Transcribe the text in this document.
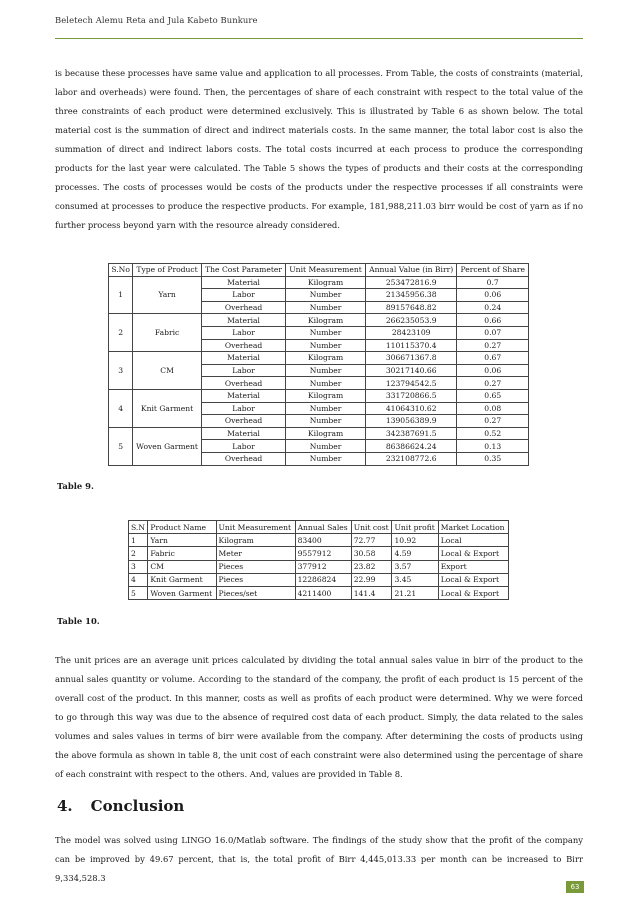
Beletech Alemu Reta and Jula Kabeto Bunkure

is because these processes have same value and application to all processes. From Table, the costs of constraints (material, labor and overheads) were found. Then, the percentages of share of each constraint with respect to the total value of the three constraints of each product were determined exclusively. This is illustrated by Table 6 as shown below. The total material cost is the summation of direct and indirect materials costs. In the same manner, the total labor cost is also the summation of direct and indirect labors costs. The total costs incurred at each process to produce the corresponding products for the last year were calculated. The Table 5 shows the types of products and their costs at the corresponding processes. The costs of processes would be costs of the products under the respective processes if all constraints were consumed at processes to produce the respective products. For example, 181,988,211.03 birr would be cost of yarn as if no further process beyond yarn with the resource already considered.

S.No	Type of Product	The Cost Parameter	Unit Measurement	Annual Value (in Birr)	Percent of Share
1	Yarn	Material	Kilogram	253472816.9	0.7
		Labor	Number	21345956.38	0.06
		Overhead	Number	89157648.82	0.24
2	Fabric	Material	Kilogram	266235053.9	0.66
		Labor	Number	28423109	0.07
		Overhead	Number	110115370.4	0.27
3	CM	Material	Kilogram	306671367.8	0.67
		Labor	Number	30217140.66	0.06
		Overhead	Number	123794542.5	0.27
4	Knit Garment	Material	Kilogram	331720866.5	0.65
		Labor	Number	41064310.62	0.08
		Overhead	Number	139056389.9	0.27
5	Woven Garment	Material	Kilogram	342387691.5	0.52
		Labor	Number	86386624.24	0.13
		Overhead	Number	232108772.6	0.35
Table 9.
S.N	Product Name	Unit Measurement	Annual Sales	Unit cost	Unit profit	Market Location
1	Yarn	Kilogram	83400	72.77	10.92	Local
2	Fabric	Meter	9557912	30.58	4.59	Local & Export
3	CM	Pieces	377912	23.82	3.57	Export
4	Knit Garment	Pieces	12286824	22.99	3.45	Local & Export
5	Woven Garment	Pieces/set	4211400	141.4	21.21	Local & Export
Table 10.

The unit prices are an average unit prices calculated by dividing the total annual sales value in birr of the product to the annual sales quantity or volume. According to the standard of the company, the profit of each product is 15 percent of the overall cost of the product. In this manner, costs as well as profits of each product were determined. Why we were forced to go through this way was due to the absence of required cost data of each product. Simply, the data related to the sales volumes and sales values in terms of birr were available from the company. After determining the costs of products using the above formula as shown in table 8, the unit cost of each constraint were also determined using the percentage of share of each constraint with respect to the others. And, values are provided in Table 8.

4. Conclusion

The model was solved using LINGO 16.0/Matlab software. The findings of the study show that the profit of the company can be improved by 49.67 percent, that is, the total profit of Birr 4,445,013.33 per month can be increased to Birr 9,334,528.3

63
